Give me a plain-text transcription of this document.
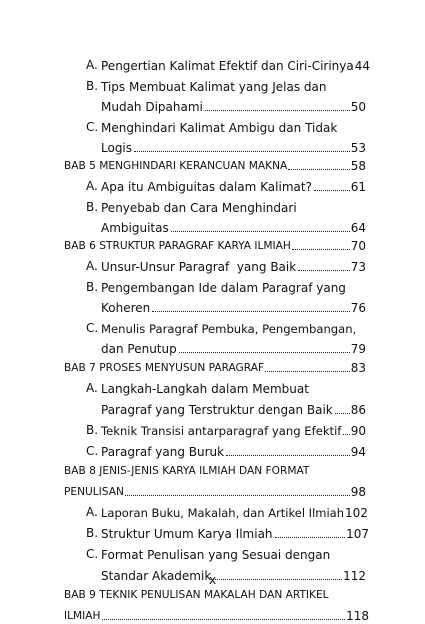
A. Pengertian Kalimat Efektif dan Ciri-Cirinya 44
B. Tips Membuat Kalimat yang Jelas dan
Mudah Dipahami	50
C. Menghindari Kalimat Ambigu dan Tidak
Logis	53
BAB 5 MENGHINDARI KERANCUAN MAKNA	58
A. Apa itu Ambiguitas dalam Kalimat?	61
B. Penyebab dan Cara Menghindari
Ambiguitas	64
BAB 6 STRUKTUR PARAGRAF KARYA ILMIAH	70
A. Unsur-Unsur Paragraf  yang Baik	73
B. Pengembangan Ide dalam Paragraf yang
Koheren	76
C. Menulis Paragraf Pembuka, Pengembangan,
dan Penutup	79
BAB 7 PROSES MENYUSUN PARAGRAF	83
A. Langkah-Langkah dalam Membuat
Paragraf yang Terstruktur dengan Baik 86
B. Teknik Transisi antarparagraf yang Efektif 90
C. Paragraf yang Buruk	94
BAB 8 JENIS-JENIS KARYA ILMIAH DAN FORMAT
PENULISAN	98
A. Laporan Buku, Makalah, dan Artikel Ilmiah 102
B. Struktur Umum Karya Ilmiah	107
C. Format Penulisan yang Sesuai dengan
Standar Akademik	112
BAB 9 TEKNIK PENULISAN MAKALAH DAN ARTIKEL
ILMIAH	118
x
